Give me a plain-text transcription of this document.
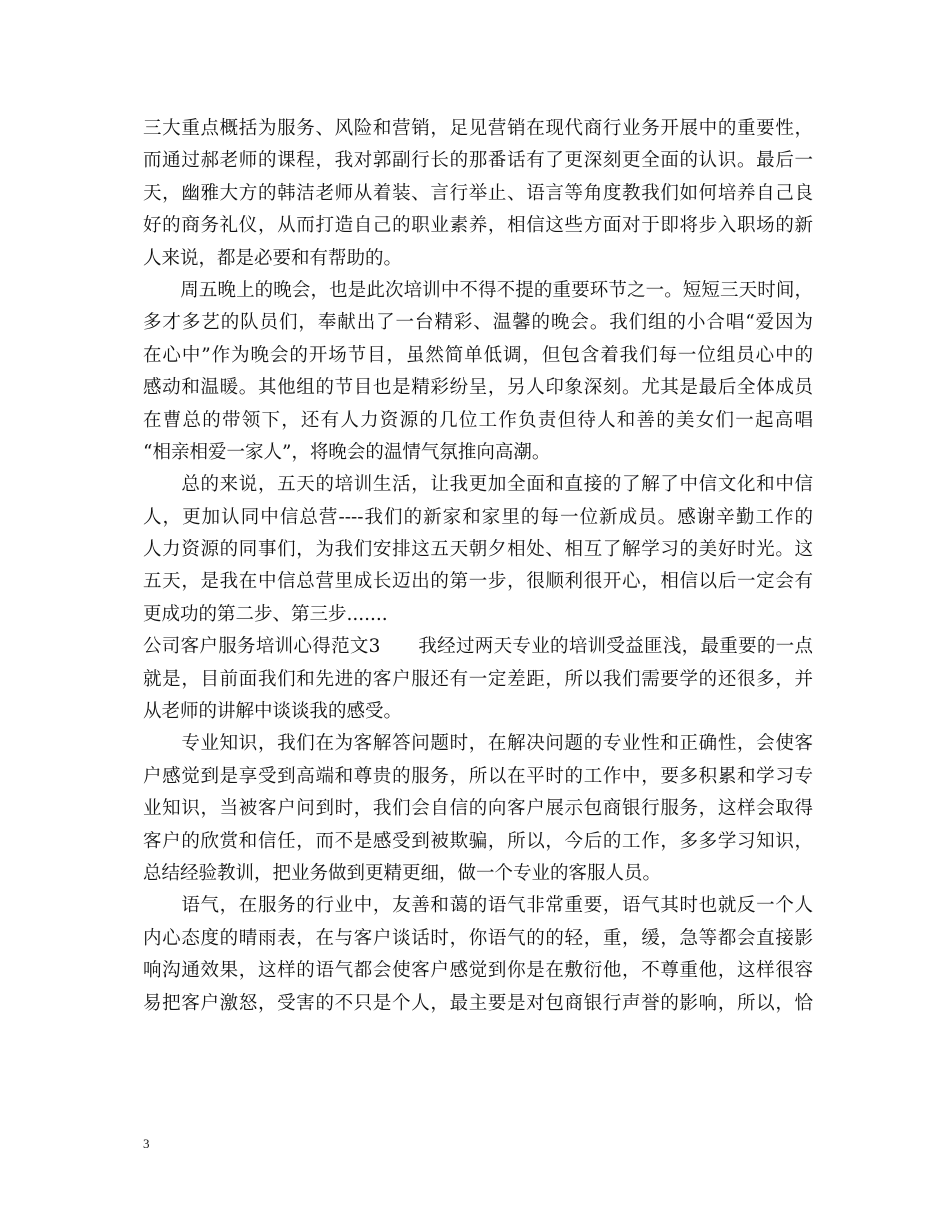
三大重点概括为服务、风险和营销，足见营销在现代商行业务开展中的重要性，
而通过郝老师的课程，我对郭副行长的那番话有了更深刻更全面的认识。最后一
天，幽雅大方的韩洁老师从着装、言行举止、语言等角度教我们如何培养自己良
好的商务礼仪，从而打造自己的职业素养，相信这些方面对于即将步入职场的新
人来说，都是必要和有帮助的。
　　周五晚上的晚会，也是此次培训中不得不提的重要环节之一。短短三天时间，
多才多艺的队员们，奉献出了一台精彩、温馨的晚会。我们组的小合唱“爱因为
在心中”作为晚会的开场节目，虽然简单低调，但包含着我们每一位组员心中的
感动和温暖。其他组的节目也是精彩纷呈，另人印象深刻。尤其是最后全体成员
在曹总的带领下，还有人力资源的几位工作负责但待人和善的美女们一起高唱
“相亲相爱一家人”，将晚会的温情气氛推向高潮。
　　总的来说，五天的培训生活，让我更加全面和直接的了解了中信文化和中信
人，更加认同中信总营----我们的新家和家里的每一位新成员。感谢辛勤工作的
人力资源的同事们，为我们安排这五天朝夕相处、相互了解学习的美好时光。这
五天，是我在中信总营里成长迈出的第一步，很顺利很开心，相信以后一定会有
更成功的第二步、第三步.......
公司客户服务培训心得范文3　　我经过两天专业的培训受益匪浅，最重要的一点
就是，目前面我们和先进的客户服还有一定差距，所以我们需要学的还很多，并
从老师的讲解中谈谈我的感受。
　　专业知识，我们在为客解答问题时，在解决问题的专业性和正确性，会使客
户感觉到是享受到高端和尊贵的服务，所以在平时的工作中，要多积累和学习专
业知识，当被客户问到时，我们会自信的向客户展示包商银行服务，这样会取得
客户的欣赏和信任，而不是感受到被欺骗，所以，今后的工作，多多学习知识，
总结经验教训，把业务做到更精更细，做一个专业的客服人员。
　　语气，在服务的行业中，友善和蔼的语气非常重要，语气其时也就反一个人
内心态度的晴雨表，在与客户谈话时，你语气的的轻，重，缓，急等都会直接影
响沟通效果，这样的语气都会使客户感觉到你是在敷衍他，不尊重他，这样很容
易把客户激怒，受害的不只是个人，最主要是对包商银行声誉的影响，所以，恰
3
